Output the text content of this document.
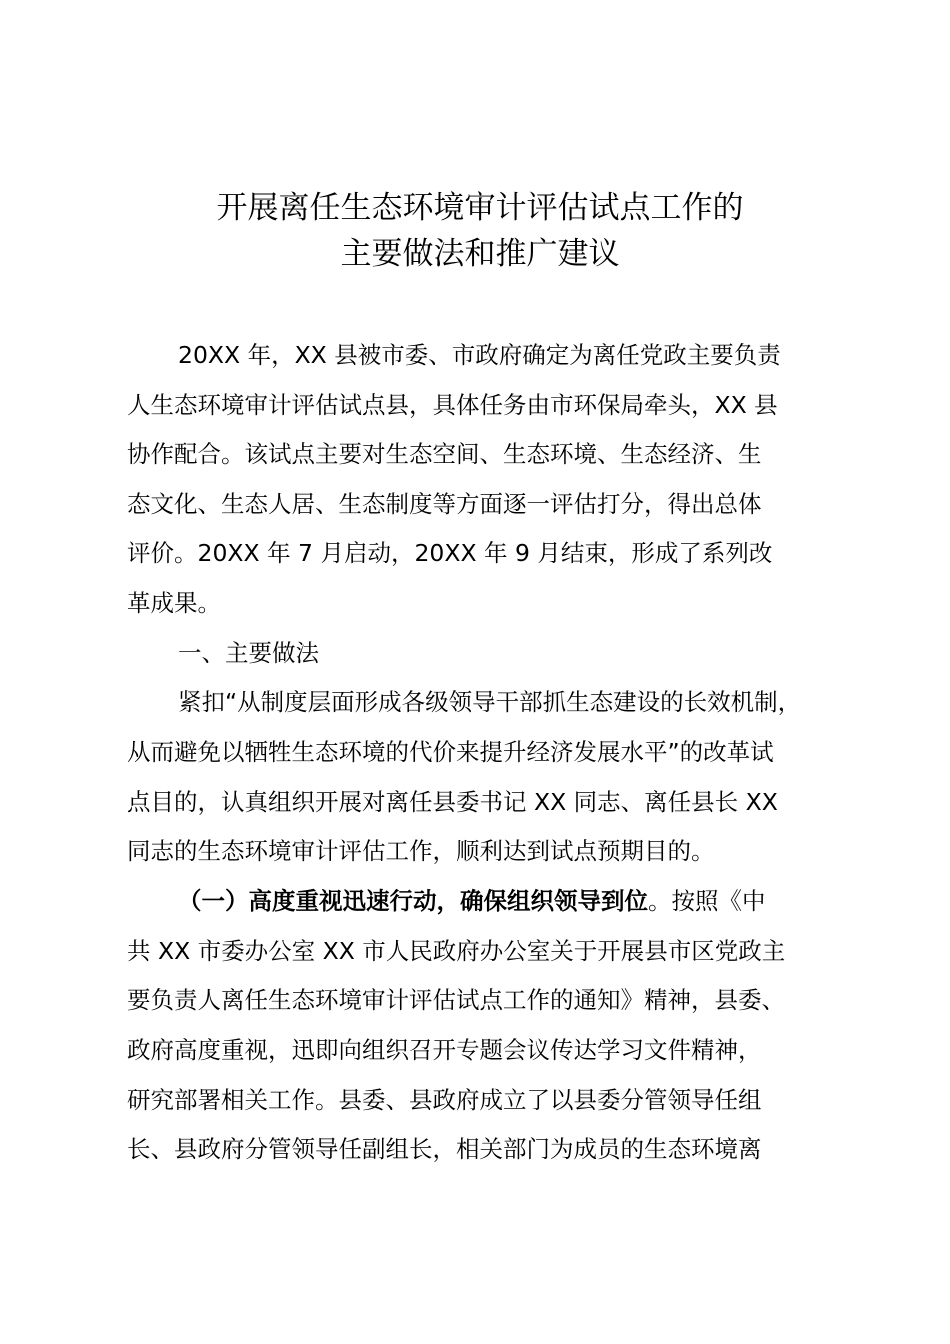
开展离任生态环境审计评估试点工作的
主要做法和推广建议
20XX 年，XX 县被市委、市政府确定为离任党政主要负责
人生态环境审计评估试点县，具体任务由市环保局牵头，XX 县
协作配合。该试点主要对生态空间、生态环境、生态经济、生
态文化、生态人居、生态制度等方面逐一评估打分，得出总体
评价。20XX 年 7 月启动，20XX 年 9 月结束，形成了系列改
革成果。
一、主要做法
紧扣“从制度层面形成各级领导干部抓生态建设的长效机制，
从而避免以牺牲生态环境的代价来提升经济发展水平”的改革试
点目的，认真组织开展对离任县委书记 XX 同志、离任县长 XX
同志的生态环境审计评估工作，顺利达到试点预期目的。
（一）高度重视迅速行动，确保组织领导到位。按照《中
共 XX 市委办公室 XX 市人民政府办公室关于开展县市区党政主
要负责人离任生态环境审计评估试点工作的通知》精神，县委、
政府高度重视，迅即向组织召开专题会议传达学习文件精神，
研究部署相关工作。县委、县政府成立了以县委分管领导任组
长、县政府分管领导任副组长，相关部门为成员的生态环境离
